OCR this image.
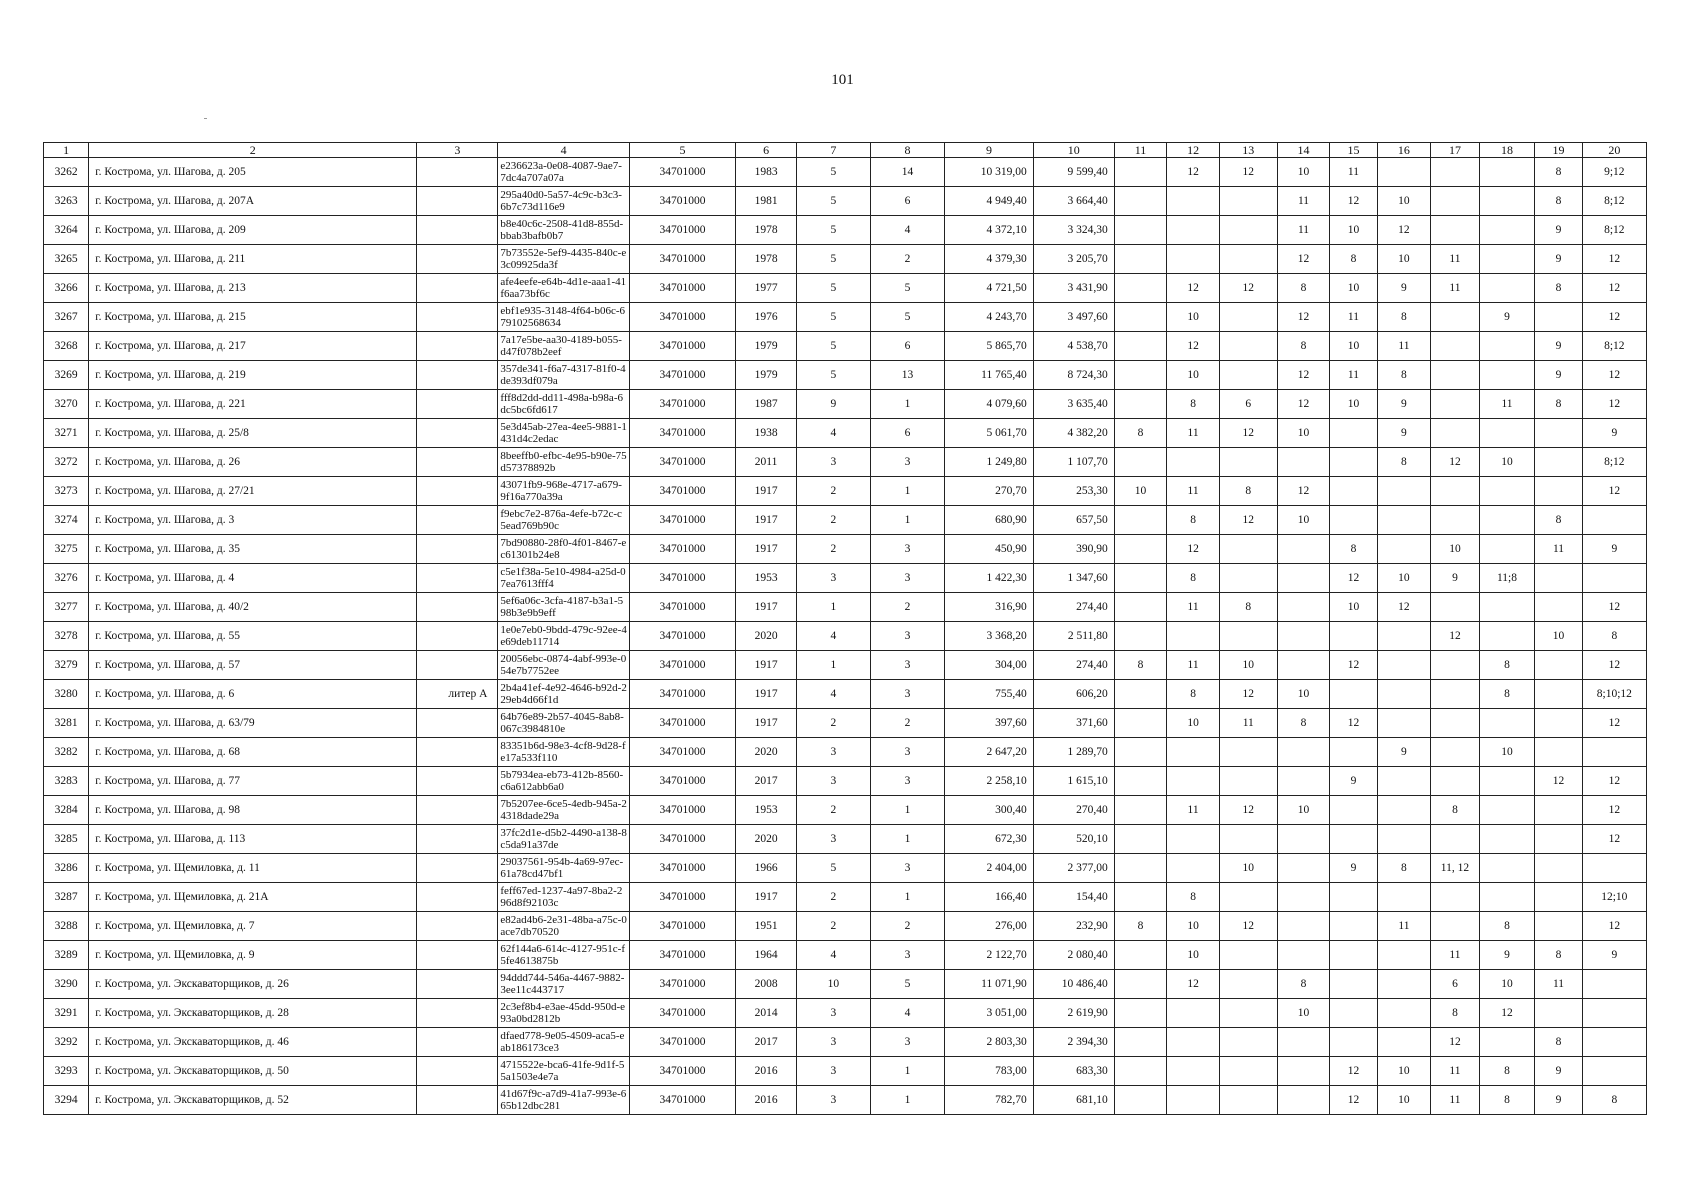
101
1	2	3	4	5	6	7	8	9	10	11	12	13	14	15	16	17	18	19	20
3262	г. Кострома, ул. Шагова, д. 205		e236623a-0e08-4087-9ae7-7dc4a707a07a	34701000	1983	5	14	10 319,00	9 599,40		12	12	10	11				8	9;12
3263	г. Кострома, ул. Шагова, д. 207А		295a40d0-5a57-4c9c-b3c3-6b7c73d116e9	34701000	1981	5	6	4 949,40	3 664,40				11	12	10			8	8;12
3264	г. Кострома, ул. Шагова, д. 209		b8e40c6c-2508-41d8-855d-bbab3bafb0b7	34701000	1978	5	4	4 372,10	3 324,30				11	10	12			9	8;12
3265	г. Кострома, ул. Шагова, д. 211		7b73552e-5ef9-4435-840c-e3c09925da3f	34701000	1978	5	2	4 379,30	3 205,70				12	8	10	11		9	12
3266	г. Кострома, ул. Шагова, д. 213		afe4eefe-e64b-4d1e-aaa1-41f6aa73bf6c	34701000	1977	5	5	4 721,50	3 431,90		12	12	8	10	9	11		8	12
3267	г. Кострома, ул. Шагова, д. 215		ebf1e935-3148-4f64-b06c-679102568634	34701000	1976	5	5	4 243,70	3 497,60		10		12	11	8		9		12
3268	г. Кострома, ул. Шагова, д. 217		7a17e5be-aa30-4189-b055-d47f078b2eef	34701000	1979	5	6	5 865,70	4 538,70		12		8	10	11			9	8;12
3269	г. Кострома, ул. Шагова, д. 219		357de341-f6a7-4317-81f0-4de393df079a	34701000	1979	5	13	11 765,40	8 724,30		10		12	11	8			9	12
3270	г. Кострома, ул. Шагова, д. 221		fff8d2dd-dd11-498a-b98a-6dc5bc6fd617	34701000	1987	9	1	4 079,60	3 635,40		8	6	12	10	9		11	8	12
3271	г. Кострома, ул. Шагова, д. 25/8		5e3d45ab-27ea-4ee5-9881-1431d4c2edac	34701000	1938	4	6	5 061,70	4 382,20	8	11	12	10		9				9
3272	г. Кострома, ул. Шагова, д. 26		8beeffb0-efbc-4e95-b90e-75d57378892b	34701000	2011	3	3	1 249,80	1 107,70						8	12	10		8;12
3273	г. Кострома, ул. Шагова, д. 27/21		43071fb9-968e-4717-a679-9f16a770a39a	34701000	1917	2	1	270,70	253,30	10	11	8	12						12
3274	г. Кострома, ул. Шагова, д. 3		f9ebc7e2-876a-4efe-b72c-c5ead769b90c	34701000	1917	2	1	680,90	657,50		8	12	10					8	
3275	г. Кострома, ул. Шагова, д. 35		7bd90880-28f0-4f01-8467-ec61301b24e8	34701000	1917	2	3	450,90	390,90		12			8		10		11	9
3276	г. Кострома, ул. Шагова, д. 4		c5e1f38a-5e10-4984-a25d-07ea7613fff4	34701000	1953	3	3	1 422,30	1 347,60		8			12	10	9	11;8		
3277	г. Кострома, ул. Шагова, д. 40/2		5ef6a06c-3cfa-4187-b3a1-598b3e9b9eff	34701000	1917	1	2	316,90	274,40		11	8		10	12				12
3278	г. Кострома, ул. Шагова, д. 55		1e0e7eb0-9bdd-479c-92ee-4e69deb11714	34701000	2020	4	3	3 368,20	2 511,80							12		10	8
3279	г. Кострома, ул. Шагова, д. 57		20056ebc-0874-4abf-993e-054e7b7752ee	34701000	1917	1	3	304,00	274,40	8	11	10		12			8		12
3280	г. Кострома, ул. Шагова, д. 6	литер А	2b4a41ef-4e92-4646-b92d-229eb4d66f1d	34701000	1917	4	3	755,40	606,20		8	12	10				8		8;10;12
3281	г. Кострома, ул. Шагова, д. 63/79		64b76e89-2b57-4045-8ab8-067c3984810e	34701000	1917	2	2	397,60	371,60		10	11	8	12					12
3282	г. Кострома, ул. Шагова, д. 68		83351b6d-98e3-4cf8-9d28-fe17a533f110	34701000	2020	3	3	2 647,20	1 289,70						9		10		
3283	г. Кострома, ул. Шагова, д. 77		5b7934ea-eb73-412b-8560-c6a612abb6a0	34701000	2017	3	3	2 258,10	1 615,10					9				12	12
3284	г. Кострома, ул. Шагова, д. 98		7b5207ee-6ce5-4edb-945a-24318dade29a	34701000	1953	2	1	300,40	270,40		11	12	10			8			12
3285	г. Кострома, ул. Шагова, д. 113		37fc2d1e-d5b2-4490-a138-8c5da91a37de	34701000	2020	3	1	672,30	520,10										12
3286	г. Кострома, ул. Щемиловка, д. 11		29037561-954b-4a69-97ec-61a78cd47bf1	34701000	1966	5	3	2 404,00	2 377,00			10		9	8	11, 12			
3287	г. Кострома, ул. Щемиловка, д. 21А		feff67ed-1237-4a97-8ba2-296d8f92103c	34701000	1917	2	1	166,40	154,40		8								12;10
3288	г. Кострома, ул. Щемиловка, д. 7		e82ad4b6-2e31-48ba-a75c-0ace7db70520	34701000	1951	2	2	276,00	232,90	8	10	12			11		8		12
3289	г. Кострома, ул. Щемиловка, д. 9		62f144a6-614c-4127-951c-f5fe4613875b	34701000	1964	4	3	2 122,70	2 080,40		10					11	9	8	9
3290	г. Кострома, ул. Экскаваторщиков, д. 26		94ddd744-546a-4467-9882-3ee11c443717	34701000	2008	10	5	11 071,90	10 486,40		12		8			6	10	11	
3291	г. Кострома, ул. Экскаваторщиков, д. 28		2c3ef8b4-e3ae-45dd-950d-e93a0bd2812b	34701000	2014	3	4	3 051,00	2 619,90				10			8	12		
3292	г. Кострома, ул. Экскаваторщиков, д. 46		dfaed778-9e05-4509-aca5-eab186173ce3	34701000	2017	3	3	2 803,30	2 394,30							12		8	
3293	г. Кострома, ул. Экскаваторщиков, д. 50		4715522e-bca6-41fe-9d1f-55a1503e4e7a	34701000	2016	3	1	783,00	683,30					12	10	11	8	9	
3294	г. Кострома, ул. Экскаваторщиков, д. 52		41d67f9c-a7d9-41a7-993e-665b12dbc281	34701000	2016	3	1	782,70	681,10					12	10	11	8	9	8
